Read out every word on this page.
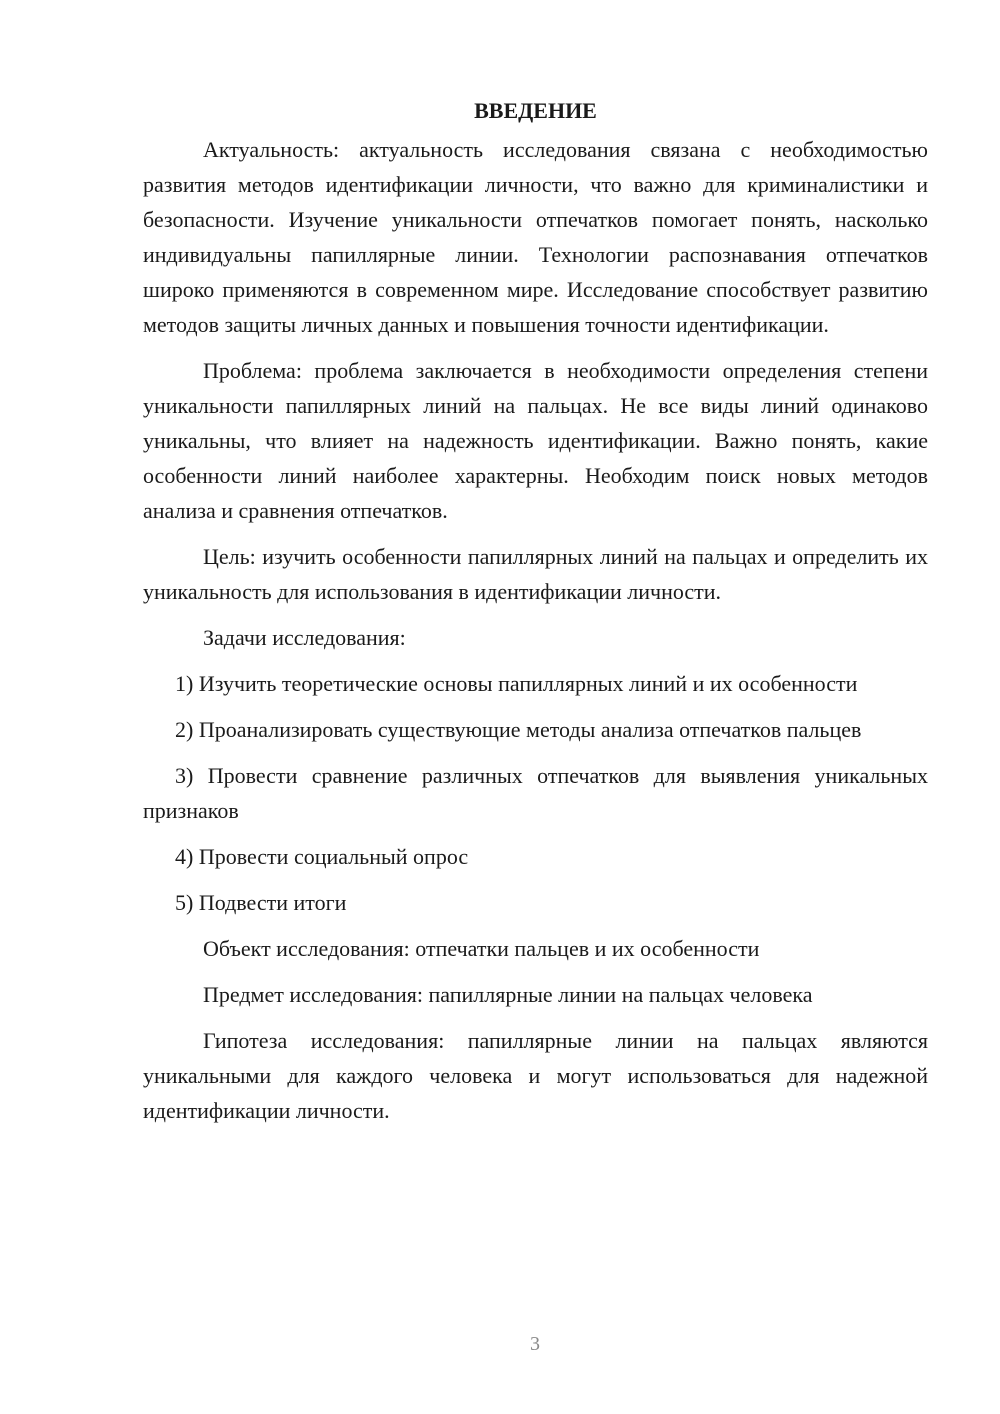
ВВЕДЕНИЕ

Актуальность: актуальность исследования связана с необходимостью развития методов идентификации личности, что важно для криминалистики и безопасности. Изучение уникальности отпечатков помогает понять, насколько индивидуальны папиллярные линии. Технологии распознавания отпечатков широко применяются в современном мире. Исследование способствует развитию методов защиты личных данных и повышения точности идентификации.

Проблема: проблема заключается в необходимости определения степени уникальности папиллярных линий на пальцах. Не все виды линий одинаково уникальны, что влияет на надежность идентификации. Важно понять, какие особенности линий наиболее характерны. Необходим поиск новых методов анализа и сравнения отпечатков.

Цель: изучить особенности папиллярных линий на пальцах и определить их уникальность для использования в идентификации личности.

Задачи исследования:

1) Изучить теоретические основы папиллярных линий и их особенности

2) Проанализировать существующие методы анализа отпечатков пальцев

3) Провести сравнение различных отпечатков для выявления уникальных признаков

4) Провести социальный опрос

5) Подвести итоги

Объект исследования: отпечатки пальцев и их особенности

Предмет исследования: папиллярные линии на пальцах человека

Гипотеза исследования: папиллярные линии на пальцах являются уникальными для каждого человека и могут использоваться для надежной идентификации личности.

3
